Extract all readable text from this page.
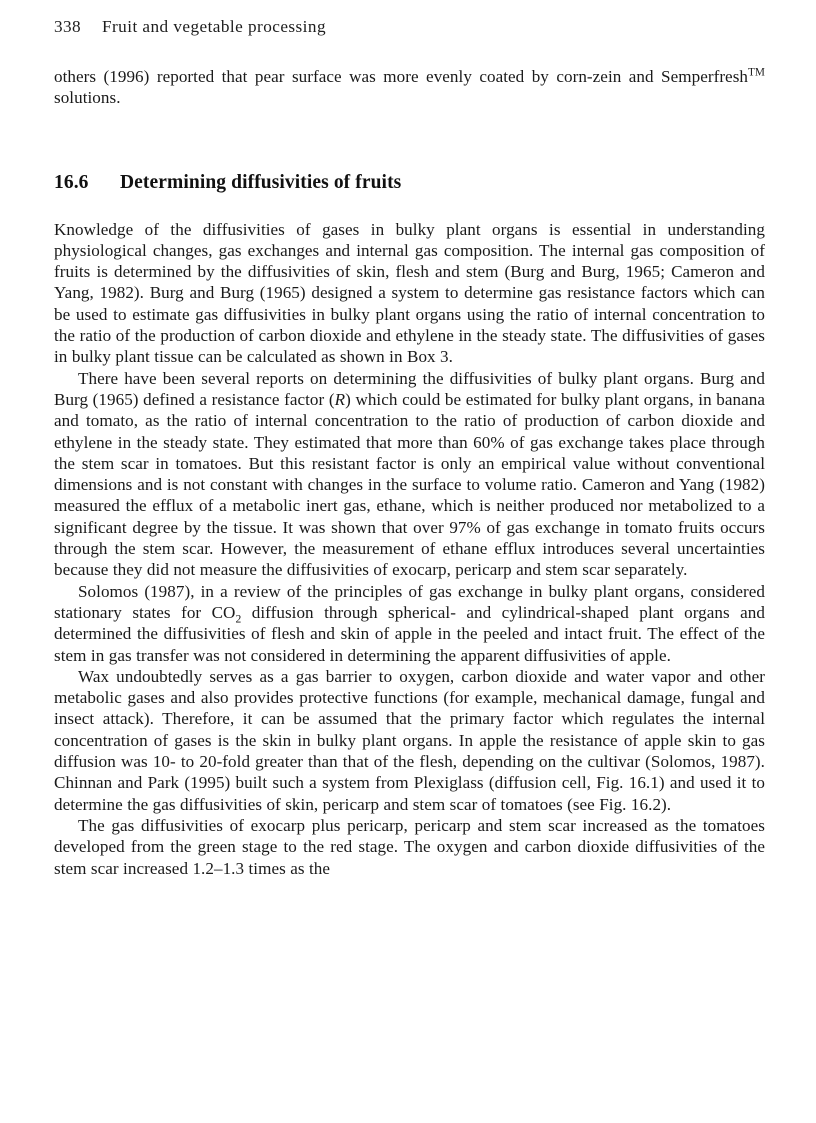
338 Fruit and vegetable processing

others (1996) reported that pear surface was more evenly coated by corn-zein and Semperfresh™ solutions.

16.6 Determining diffusivities of fruits

Knowledge of the diffusivities of gases in bulky plant organs is essential in understanding physiological changes, gas exchanges and internal gas composition. The internal gas composition of fruits is determined by the diffusivities of skin, flesh and stem (Burg and Burg, 1965; Cameron and Yang, 1982). Burg and Burg (1965) designed a system to determine gas resistance factors which can be used to estimate gas diffusivities in bulky plant organs using the ratio of internal concentration to the ratio of the production of carbon dioxide and ethylene in the steady state. The diffusivities of gases in bulky plant tissue can be calculated as shown in Box 3.

There have been several reports on determining the diffusivities of bulky plant organs. Burg and Burg (1965) defined a resistance factor (R) which could be estimated for bulky plant organs, in banana and tomato, as the ratio of internal concentration to the ratio of production of carbon dioxide and ethylene in the steady state. They estimated that more than 60% of gas exchange takes place through the stem scar in tomatoes. But this resistant factor is only an empirical value without conventional dimensions and is not constant with changes in the surface to volume ratio. Cameron and Yang (1982) measured the efflux of a metabolic inert gas, ethane, which is neither produced nor metabolized to a significant degree by the tissue. It was shown that over 97% of gas exchange in tomato fruits occurs through the stem scar. However, the measurement of ethane efflux introduces several uncertainties because they did not measure the diffusivities of exocarp, pericarp and stem scar separately.

Solomos (1987), in a review of the principles of gas exchange in bulky plant organs, considered stationary states for $CO_2$ diffusion through spherical- and cylindrical-shaped plant organs and determined the diffusivities of flesh and skin of apple in the peeled and intact fruit. The effect of the stem in gas transfer was not considered in determining the apparent diffusivities of apple.

Wax undoubtedly serves as a gas barrier to oxygen, carbon dioxide and water vapor and other metabolic gases and also provides protective functions (for example, mechanical damage, fungal and insect attack). Therefore, it can be assumed that the primary factor which regulates the internal concentration of gases is the skin in bulky plant organs. In apple the resistance of apple skin to gas diffusion was 10- to 20-fold greater than that of the flesh, depending on the cultivar (Solomos, 1987). Chinnan and Park (1995) built such a system from Plexiglass (diffusion cell, Fig. 16.1) and used it to determine the gas diffusivities of skin, pericarp and stem scar of tomatoes (see Fig. 16.2).

The gas diffusivities of exocarp plus pericarp, pericarp and stem scar increased as the tomatoes developed from the green stage to the red stage. The oxygen and carbon dioxide diffusivities of the stem scar increased 1.2–1.3 times as the
